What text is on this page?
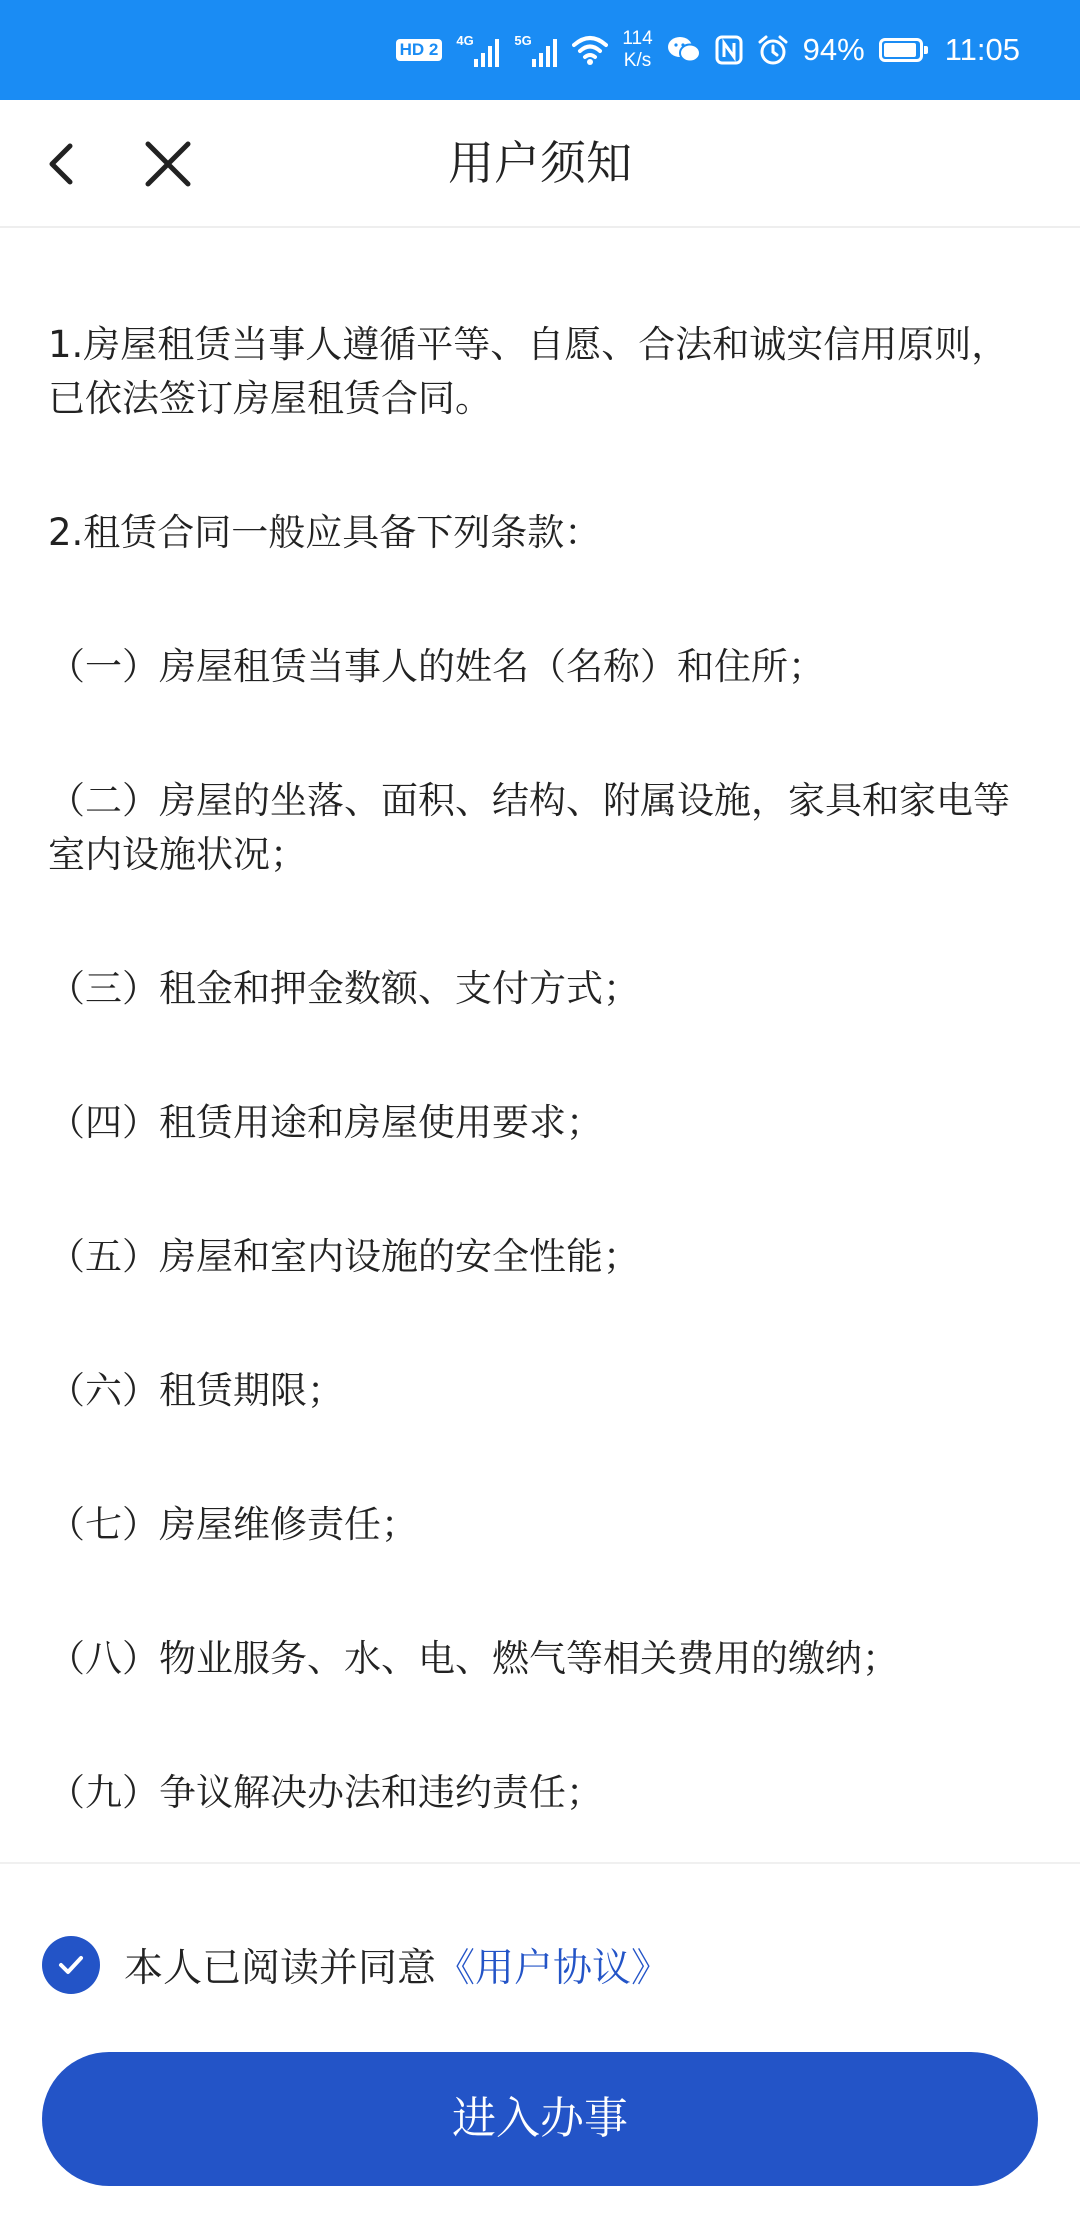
HD 2	4G	5G	114
K/s	94%	11:05
用户须知

1.房屋租赁当事人遵循平等、自愿、合法和诚实信用原则，已依法签订房屋租赁合同。

2.租赁合同一般应具备下列条款：

（一）房屋租赁当事人的姓名（名称）和住所；

（二）房屋的坐落、面积、结构、附属设施，家具和家电等室内设施状况；

（三）租金和押金数额、支付方式；

（四）租赁用途和房屋使用要求；

（五）房屋和室内设施的安全性能；

（六）租赁期限；

（七）房屋维修责任；

（八）物业服务、水、电、燃气等相关费用的缴纳；

（九）争议解决办法和违约责任；

本人已阅读并同意 《用户协议》
进入办事
